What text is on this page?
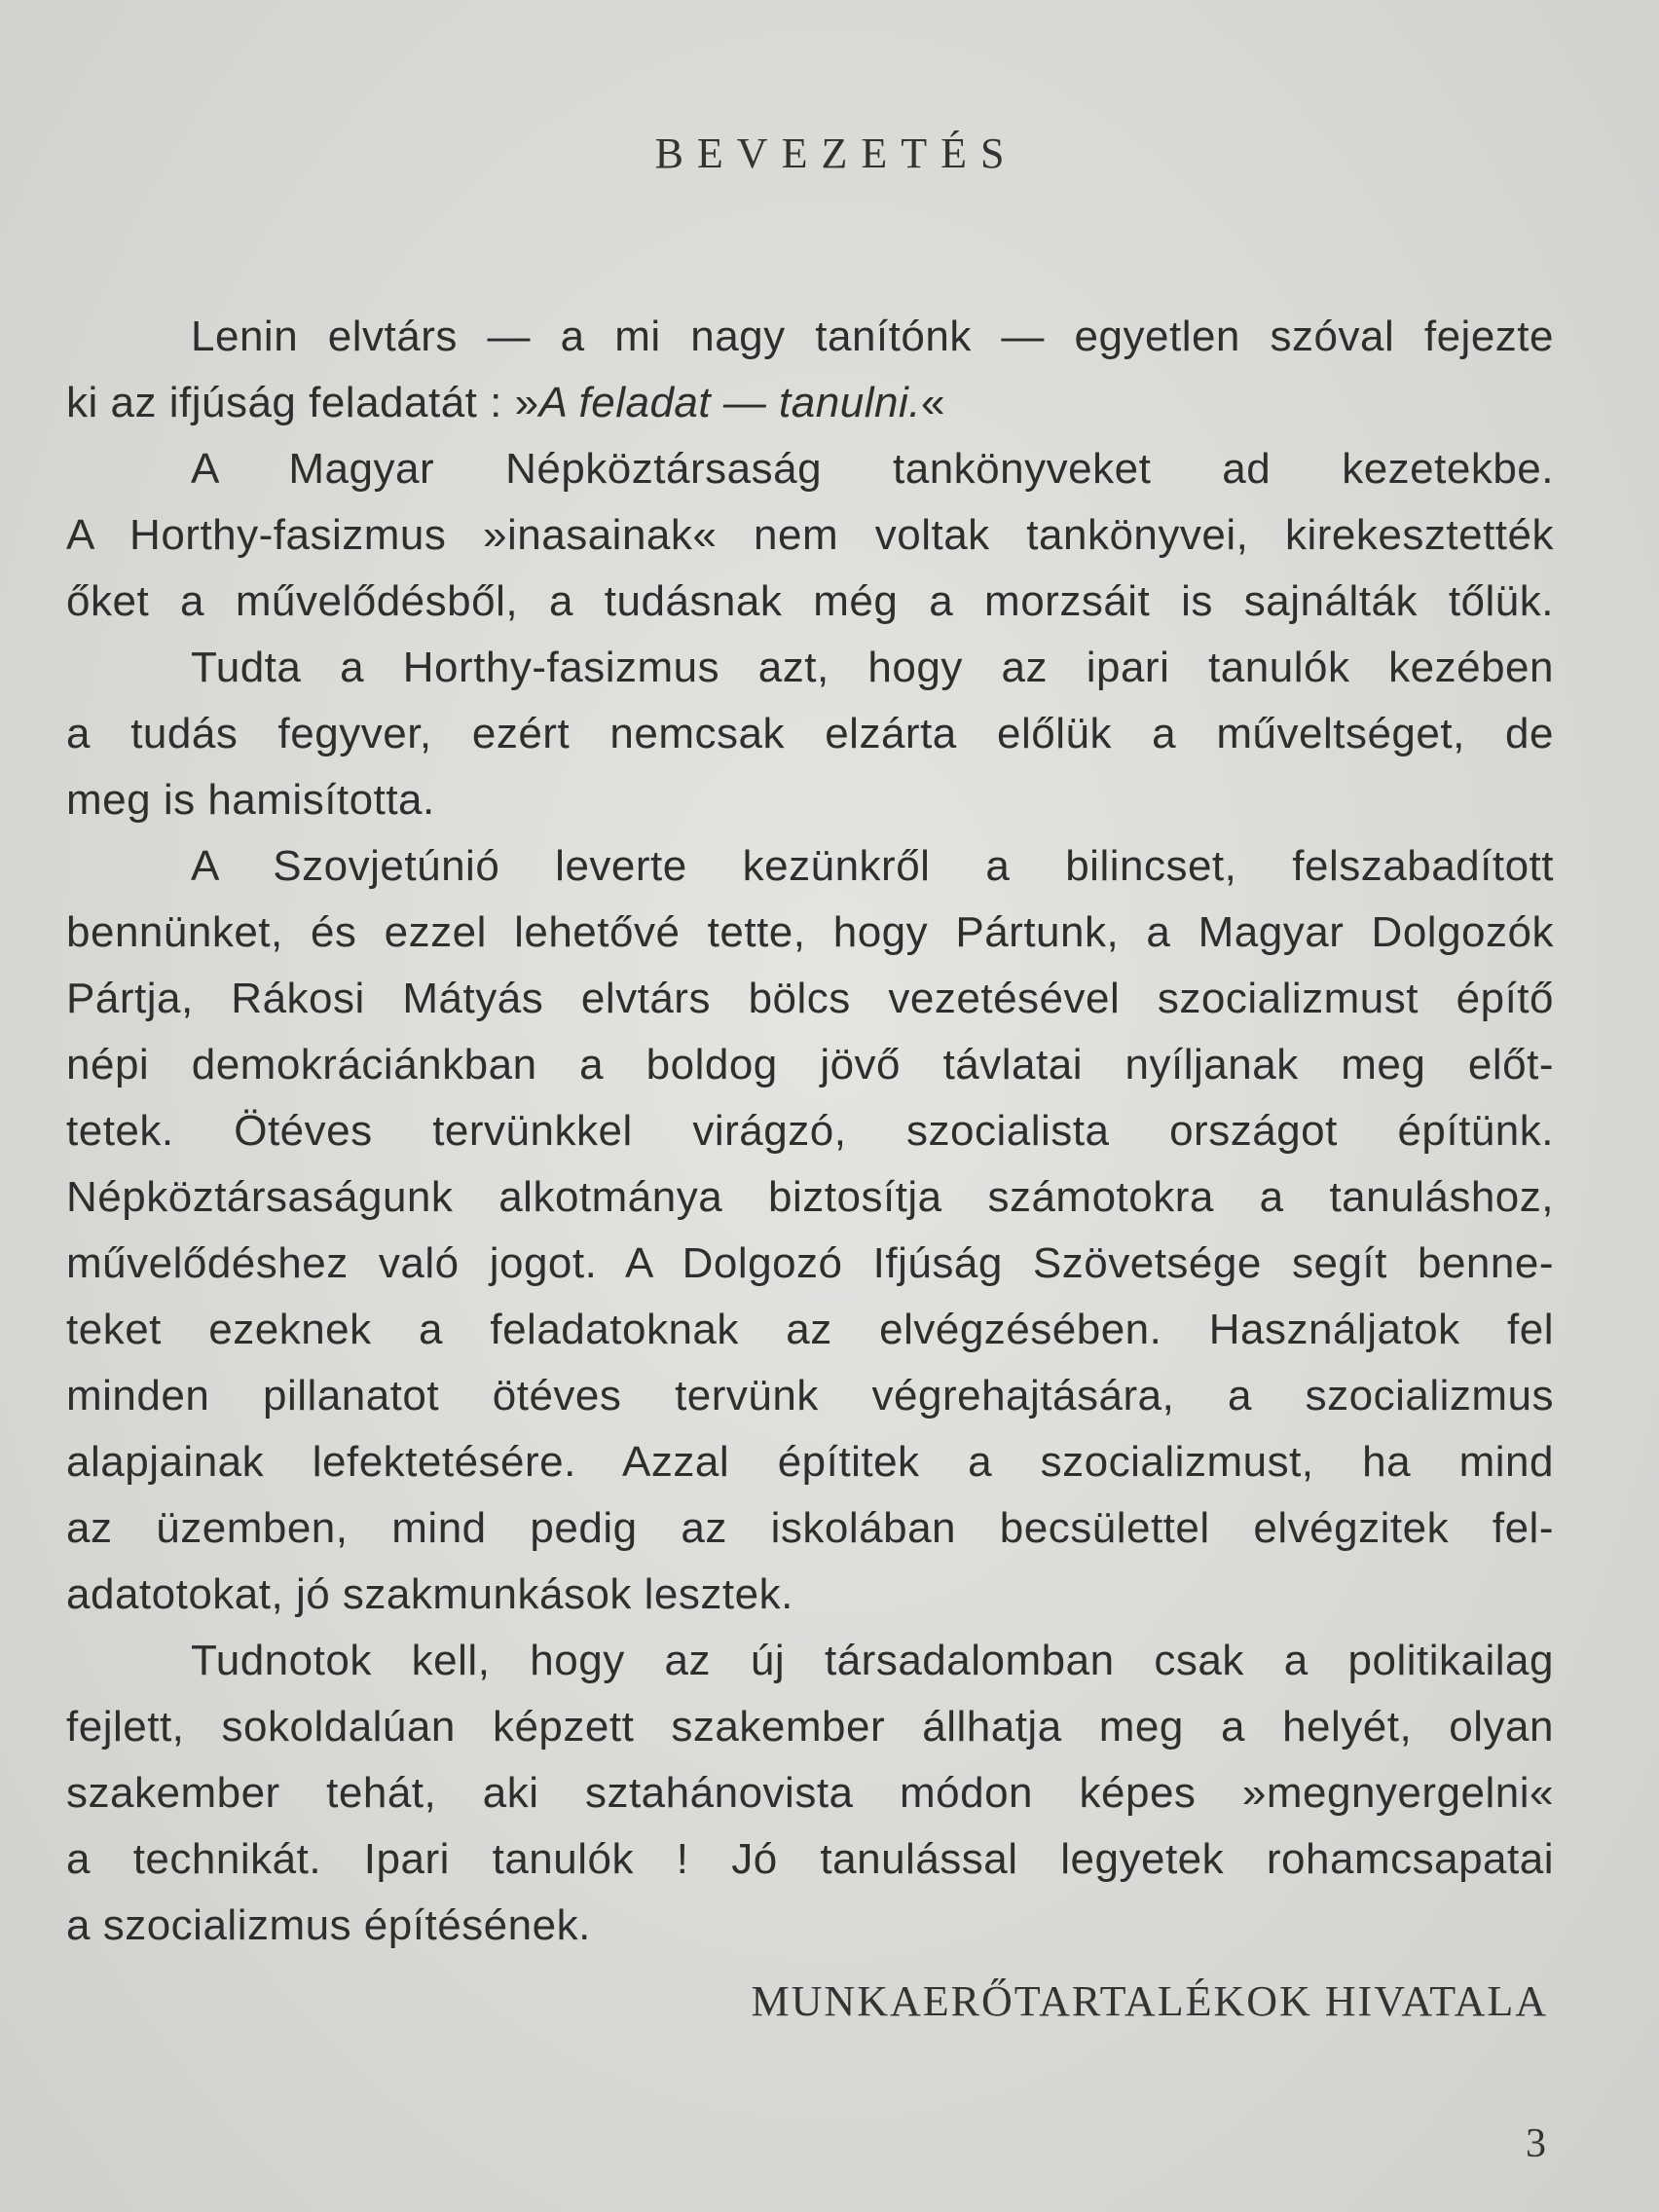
BEVEZETÉS
Lenin elvtárs — a mi nagy tanítónk — egyetlen szóval fejezte
ki az ifjúság feladatát : »A feladat — tanulni.«
A Magyar Népköztársaság tankönyveket ad kezetekbe.
A Horthy-fasizmus »inasainak« nem voltak tankönyvei, kirekesztették
őket a művelődésből, a tudásnak még a morzsáit is sajnálták tőlük.
Tudta a Horthy-fasizmus azt, hogy az ipari tanulók kezében
a tudás fegyver, ezért nemcsak elzárta előlük a műveltséget, de
meg is hamisította.
A Szovjetúnió leverte kezünkről a bilincset, felszabadított
bennünket, és ezzel lehetővé tette, hogy Pártunk, a Magyar Dolgozók
Pártja, Rákosi Mátyás elvtárs bölcs vezetésével szocializmust építő
népi demokráciánkban a boldog jövő távlatai nyíljanak meg előt-
tetek. Ötéves tervünkkel virágzó, szocialista országot építünk.
Népköztársaságunk alkotmánya biztosítja számotokra a tanuláshoz,
művelődéshez való jogot. A Dolgozó Ifjúság Szövetsége segít benne-
teket ezeknek a feladatoknak az elvégzésében. Használjatok fel
minden pillanatot ötéves tervünk végrehajtására, a szocializmus
alapjainak lefektetésére. Azzal építitek a szocializmust, ha mind
az üzemben, mind pedig az iskolában becsülettel elvégzitek fel-
adatotokat, jó szakmunkások lesztek.
Tudnotok kell, hogy az új társadalomban csak a politikailag
fejlett, sokoldalúan képzett szakember állhatja meg a helyét, olyan
szakember tehát, aki sztahánovista módon képes »megnyergelni«
a technikát. Ipari tanulók ! Jó tanulással legyetek rohamcsapatai
a szocializmus építésének.
MUNKAERŐTARTALÉKOK HIVATALA
3
